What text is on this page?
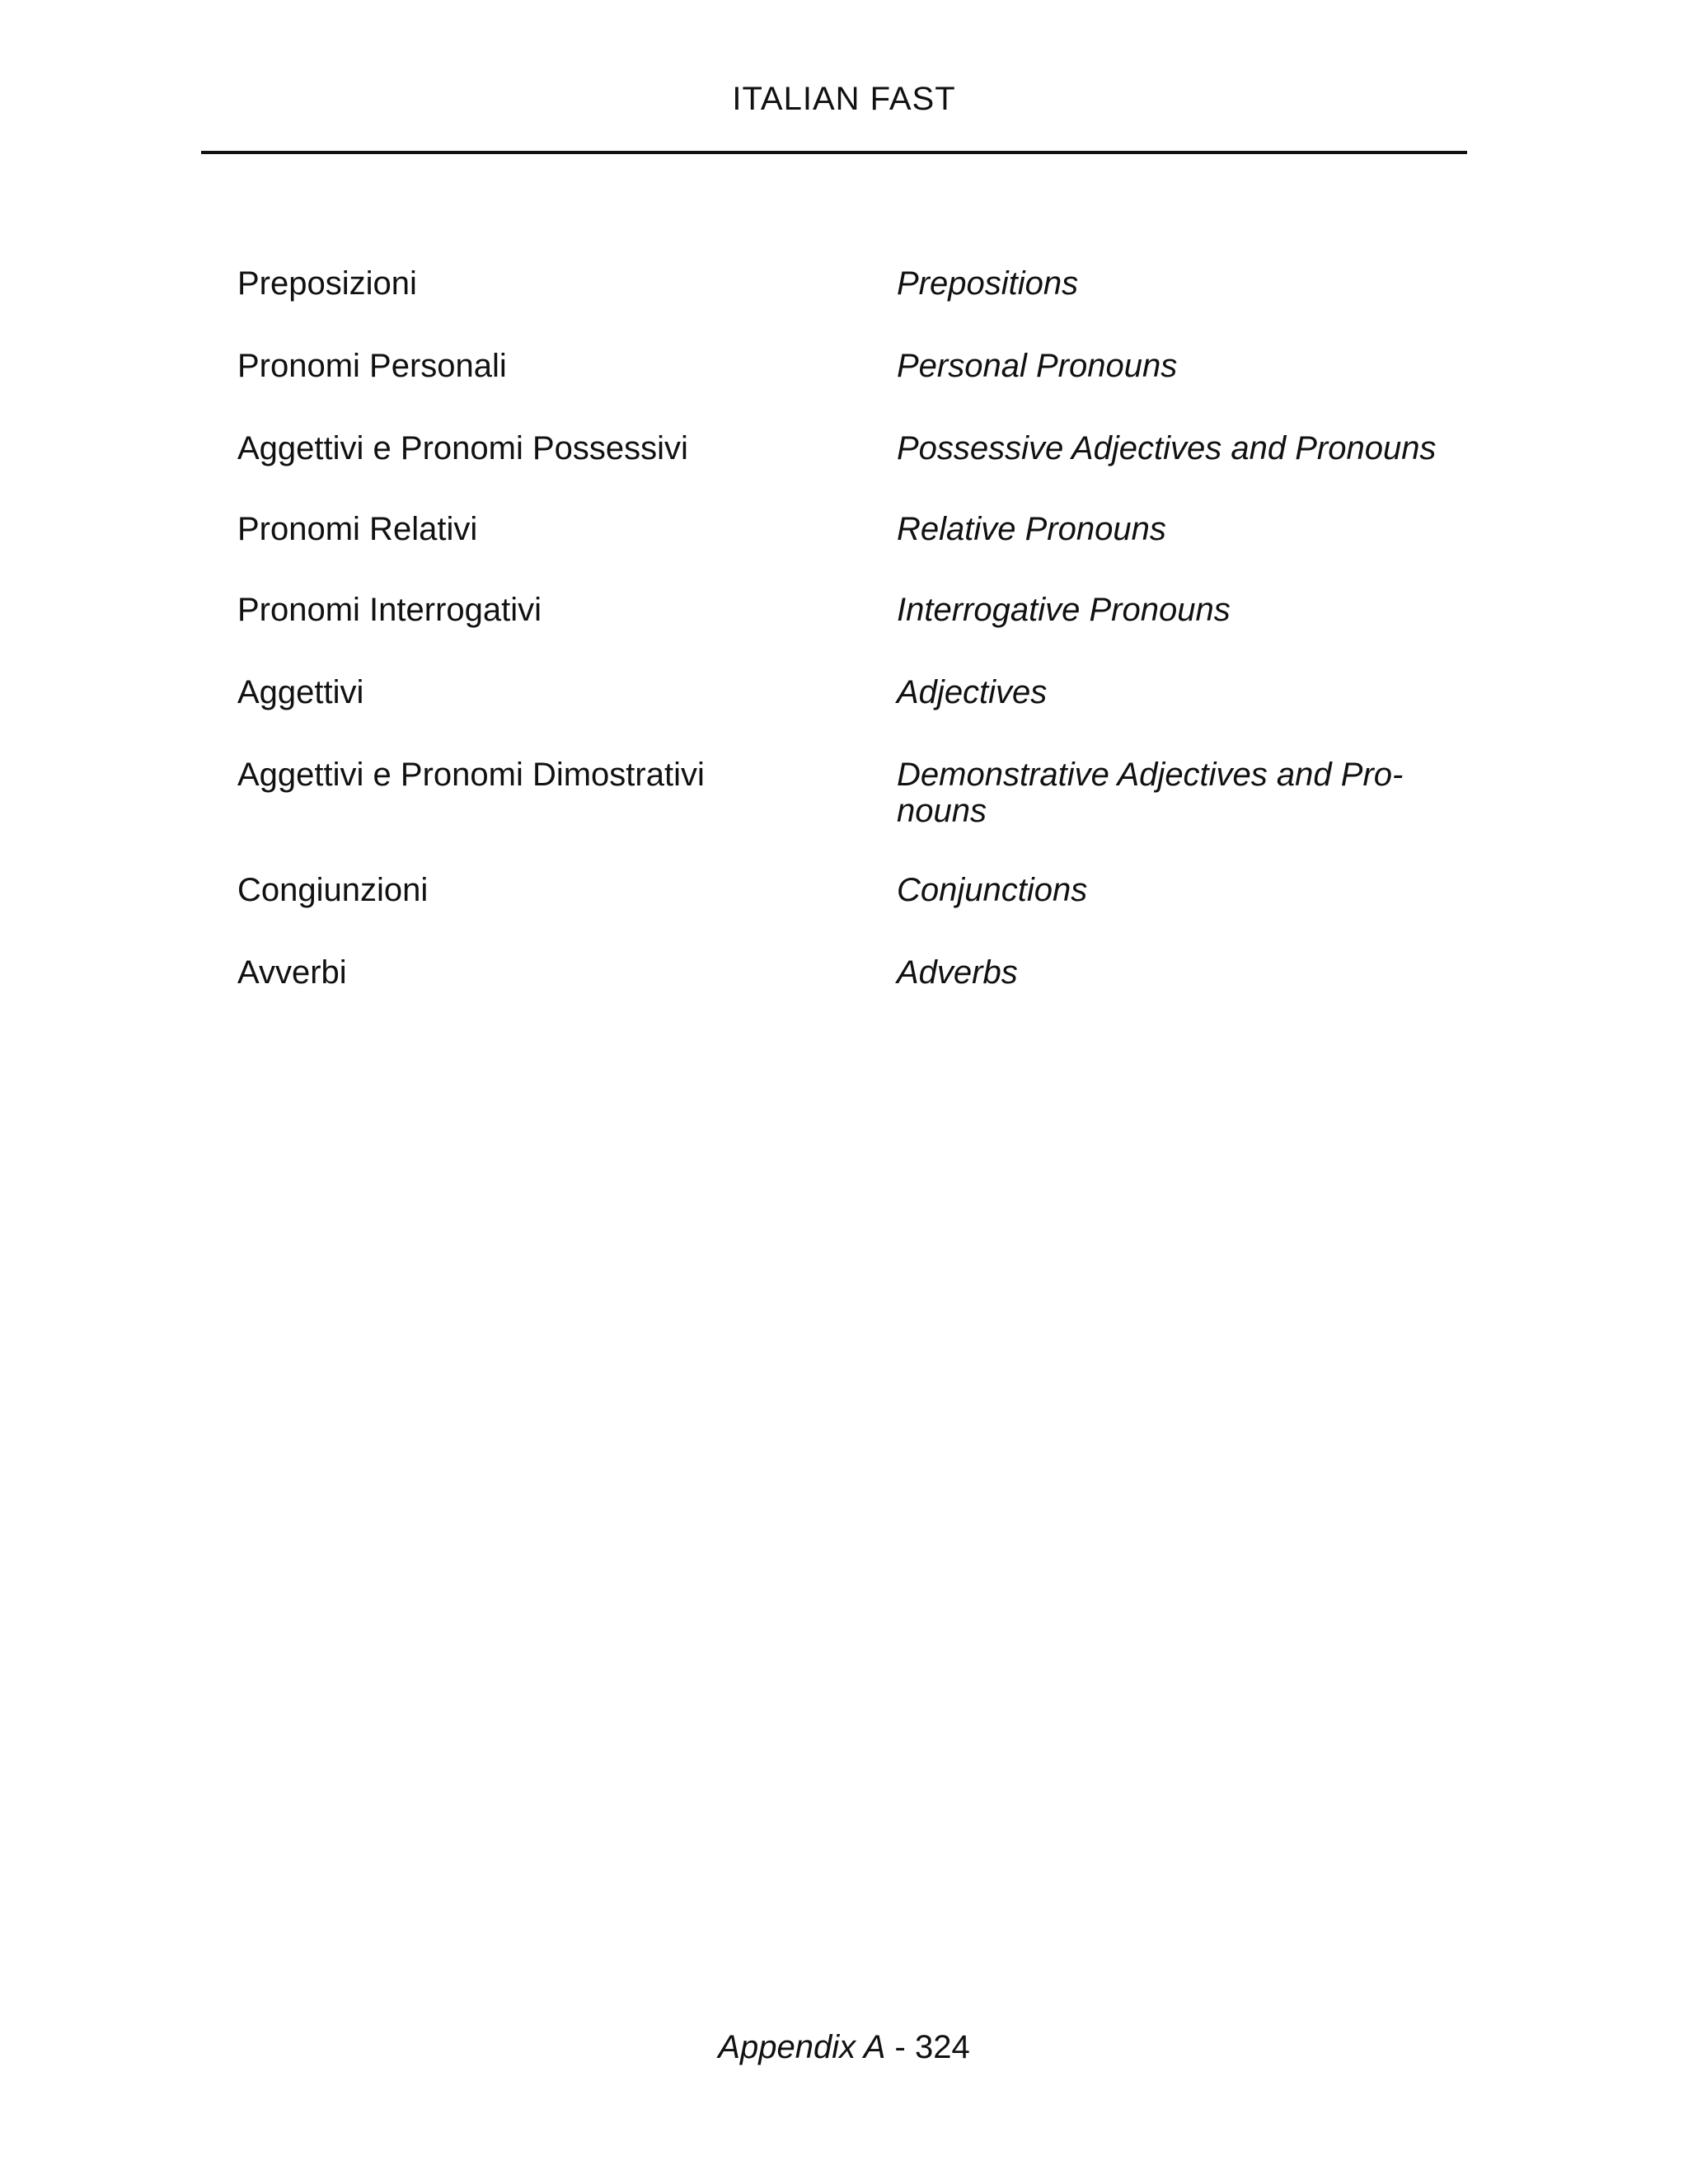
ITALIAN FAST
Preposizioni	Prepositions
Pronomi Personali	Personal Pronouns
Aggettivi e Pronomi Possessivi	Possessive Adjectives and Pronouns
Pronomi Relativi	Relative Pronouns
Pronomi Interrogativi	Interrogative Pronouns
Aggettivi	Adjectives
Aggettivi e Pronomi Dimostrativi	Demonstrative Adjectives and Pro-nouns
Congiunzioni	Conjunctions
Avverbi	Adverbs
Appendix A - 324
